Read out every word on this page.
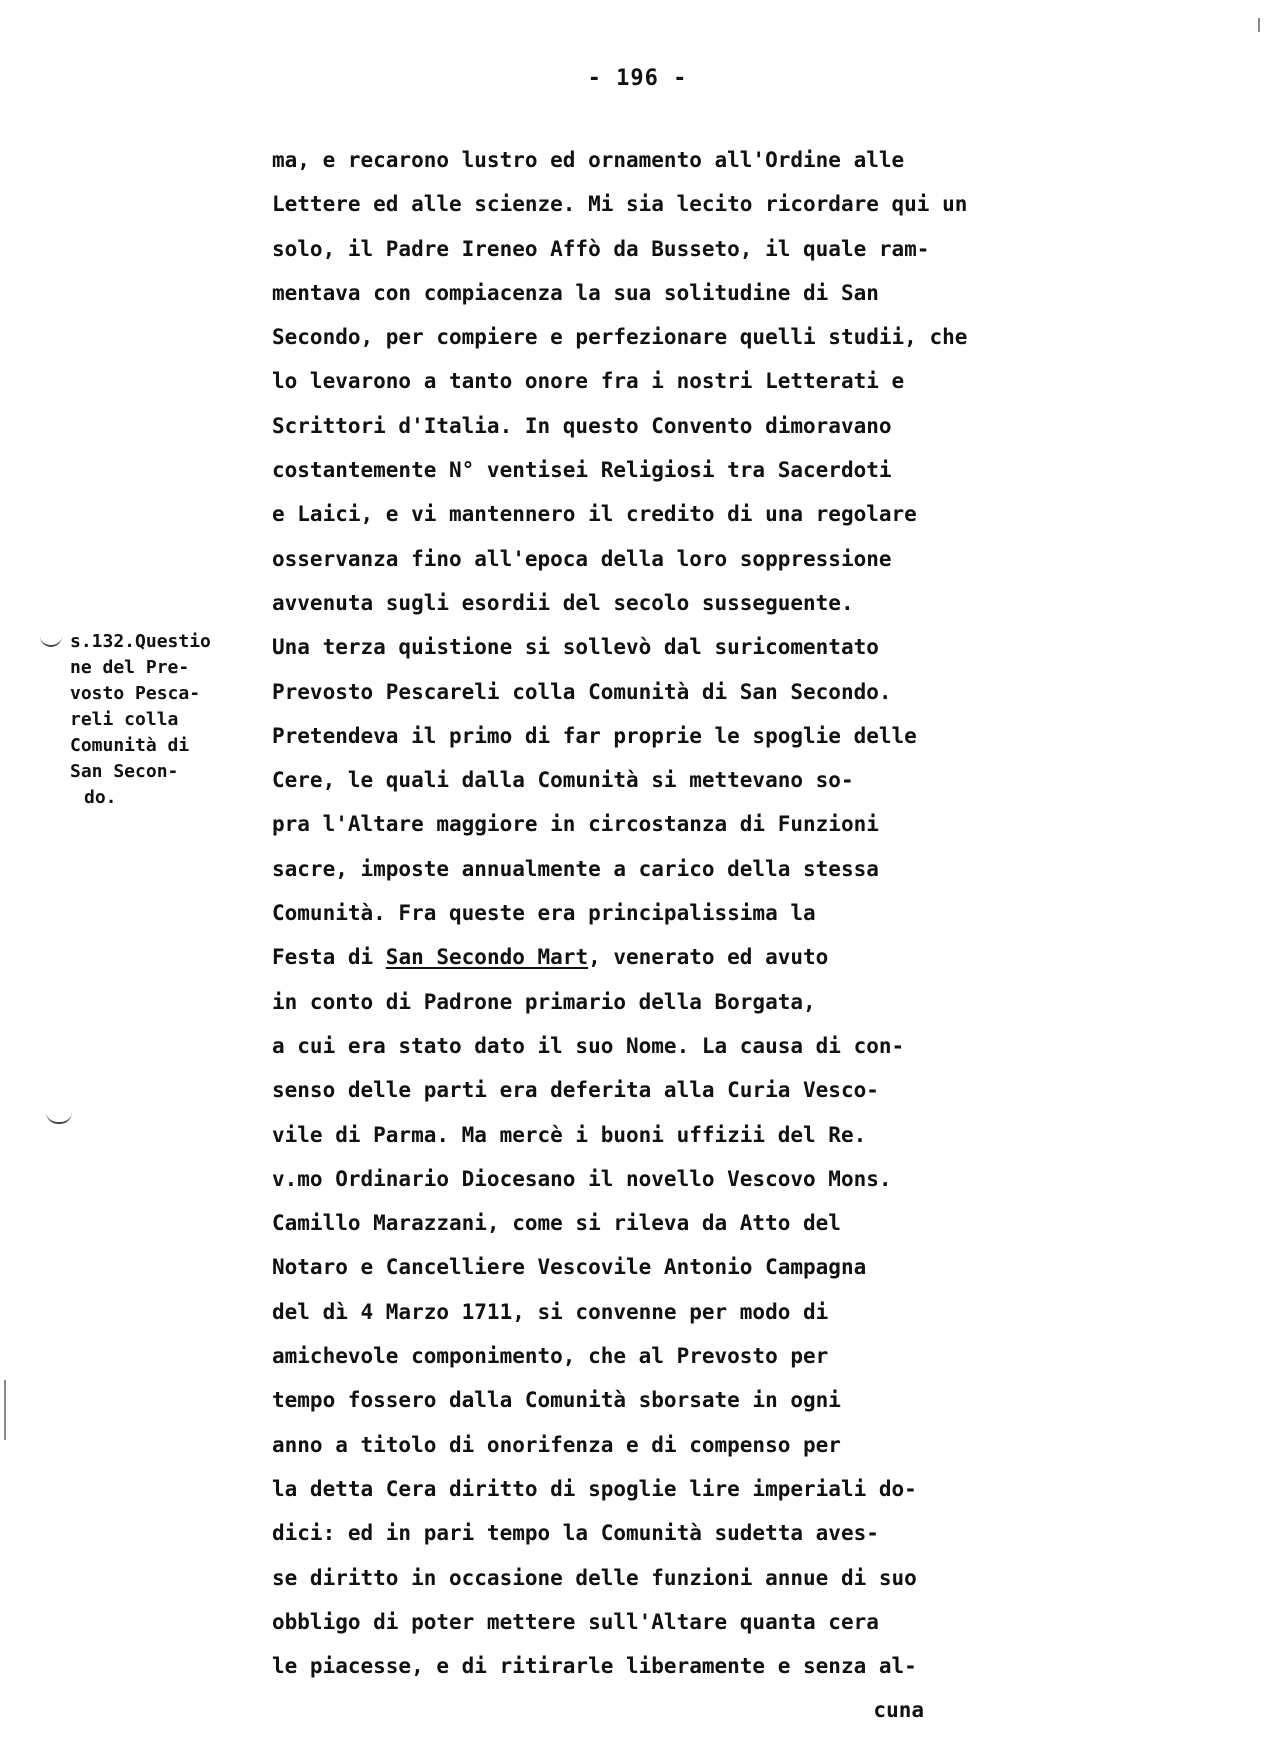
- 196 -
s.132.Questio
ne del Pre-
vosto Pesca-
reli colla
Comunità di
San Secon-
do.
ma, e recarono lustro ed ornamento all'Ordine alle
Lettere ed alle scienze. Mi sia lecito ricordare qui un
solo, il Padre Ireneo Affò da Busseto, il quale ram-
mentava con compiacenza la sua solitudine di San
Secondo, per compiere e perfezionare quelli studii, che
lo levarono a tanto onore fra i nostri Letterati e
Scrittori d'Italia. In questo Convento dimoravano
costantemente N° ventisei Religiosi tra Sacerdoti
e Laici, e vi mantennero il credito di una regolare
osservanza fino all'epoca della loro soppressione
avvenuta sugli esordii del secolo susseguente.
Una terza quistione si sollevò dal suricomentato
Prevosto Pescareli colla Comunità di San Secondo.
Pretendeva il primo di far proprie le spoglie delle
Cere, le quali dalla Comunità si mettevano so-
pra l'Altare maggiore in circostanza di Funzioni
sacre, imposte annualmente a carico della stessa
Comunità. Fra queste era principalissima la
Festa di San Secondo Mart, venerato ed avuto
in conto di Padrone primario della Borgata,
a cui era stato dato il suo Nome. La causa di con-
senso delle parti era deferita alla Curia Vesco-
vile di Parma. Ma mercè i buoni uffizii del Re.
v.mo Ordinario Diocesano il novello Vescovo Mons.
Camillo Marazzani, come si rileva da Atto del
Notaro e Cancelliere Vescovile Antonio Campagna
del dì 4 Marzo 1711, si convenne per modo di
amichevole componimento, che al Prevosto per
tempo fossero dalla Comunità sborsate in ogni
anno a titolo di onorifenza e di compenso per
la detta Cera diritto di spoglie lire imperiali do-
dici: ed in pari tempo la Comunità sudetta aves-
se diritto in occasione delle funzioni annue di suo
obbligo di poter mettere sull'Altare quanta cera
le piacesse, e di ritirarle liberamente e senza al-
cuna
